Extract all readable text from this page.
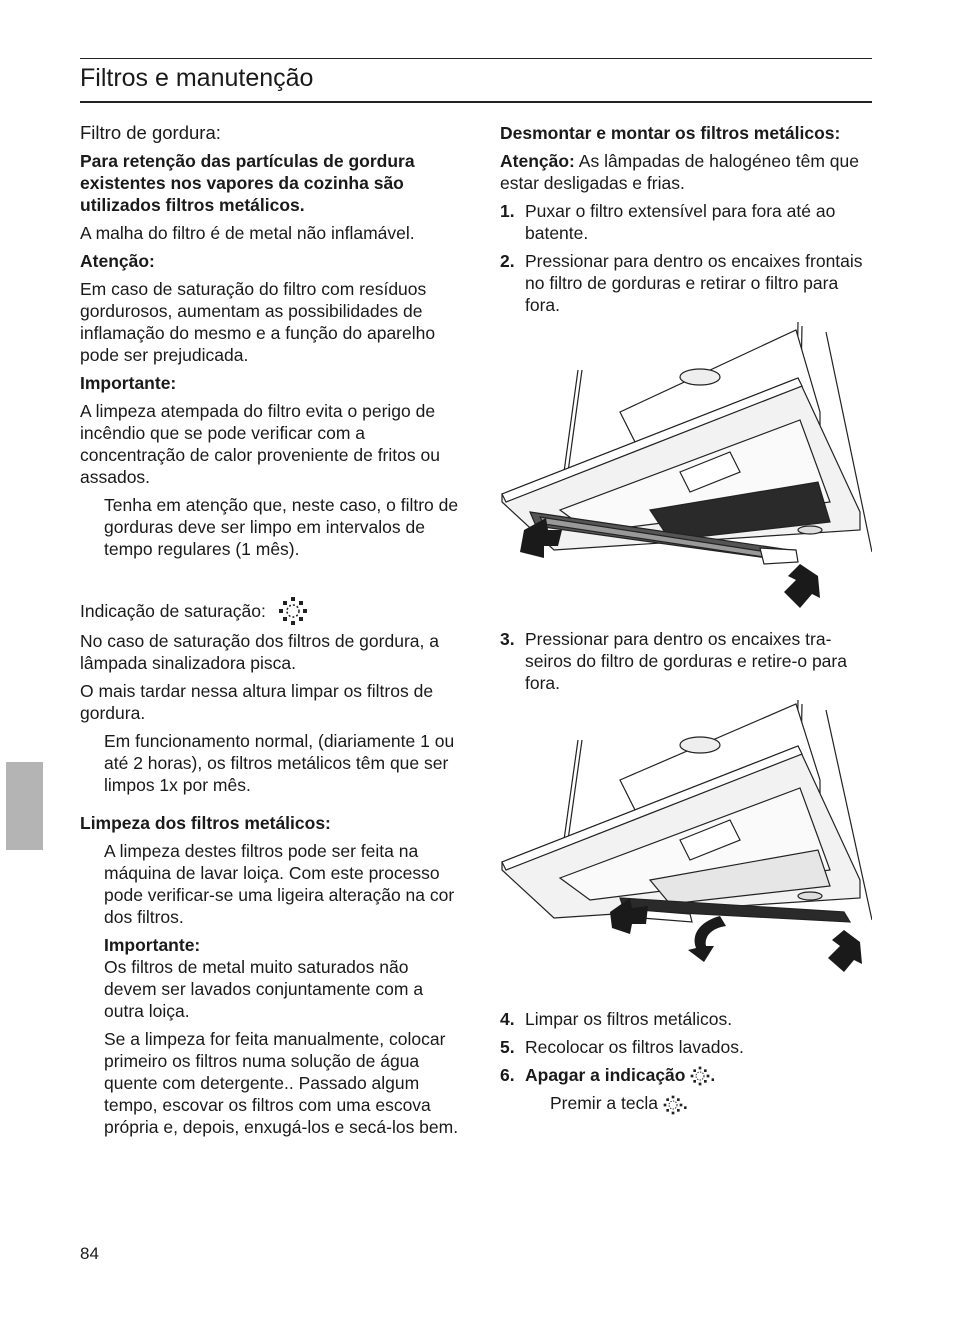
Filtros e manutenção
Filtro de gordura:

Para retenção das partículas de gordura existentes nos vapores da cozinha são utilizados filtros metálicos.

A malha do filtro é de metal não inflamável.

Atenção:

Em caso de saturação do filtro com resíduos gordurosos, aumentam as possibilidades de inflamação do mesmo e a função do aparelho pode ser prejudicada.

Importante:

A limpeza atempada do filtro evita o perigo de incêndio que se pode verificar com a concentração de calor proveniente de fritos ou assados.

Tenha em atenção que, neste caso, o filtro de gorduras deve ser limpo em intervalos de tempo regulares (1 mês).

Indicação de saturação:

No caso de saturação dos filtros de gordura, a lâmpada sinalizadora pisca.

O mais tardar nessa altura limpar os filtros de gordura.

Em funcionamento normal, (diariamente 1 ou até 2 horas), os filtros metálicos têm que ser limpos 1x por mês.

Limpeza dos filtros metálicos:

A limpeza destes filtros pode ser feita na máquina de lavar loiça. Com este processo pode verificar-se uma ligeira alteração na cor dos filtros.

Importante:
Os filtros de metal muito saturados não devem ser lavados conjuntamente com a outra loiça.

Se a limpeza for feita manualmente, colocar primeiro os filtros numa solução de água quente com detergente.. Passado algum tempo, escovar os filtros com uma escova própria e, depois, enxugá-los e secá-los bem.

Desmontar e montar os filtros metálicos:

Atenção: As lâmpadas de halogéneo têm que estar desligadas e frias.

1. Puxar o filtro extensível para fora até ao batente.
2. Pressionar para dentro os encaixes frontais no filtro de gorduras e retirar o filtro para fora.
3. Pressionar para dentro os encaixes tra-seiros do filtro de gorduras e retire-o para fora.
4. Limpar os filtros metálicos.
5. Recolocar os filtros lavados.
6. Apagar a indicação .

Premir a tecla .

84
